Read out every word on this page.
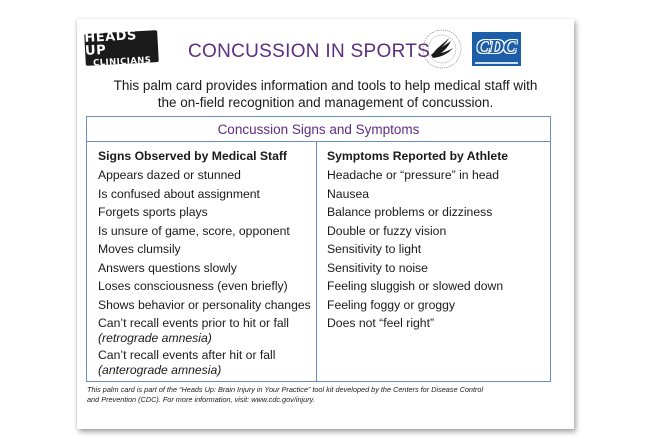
HEADS UP
CLINICIANS CONCUSSION IN SPORTS CDC
This palm card provides information and tools to help medical staff with
the on-field recognition and management of concussion.
Concussion Signs and Symptoms
Signs Observed by Medical Staff
Appears dazed or stunned
Is confused about assignment
Forgets sports plays
Is unsure of game, score, opponent
Moves clumsily
Answers questions slowly
Loses consciousness (even briefly)
Shows behavior or personality changes
Can’t recall events prior to hit or fall
(retrograde amnesia)
Can’t recall events after hit or fall
(anterograde amnesia)
Symptoms Reported by Athlete
Headache or “pressure” in head
Nausea
Balance problems or dizziness
Double or fuzzy vision
Sensitivity to light
Sensitivity to noise
Feeling sluggish or slowed down
Feeling foggy or groggy
Does not “feel right”
This palm card is part of the “Heads Up: Brain Injury in Your Practice” tool kit developed by the Centers for Disease Control
and Prevention (CDC). For more information, visit: www.cdc.gov/injury.
